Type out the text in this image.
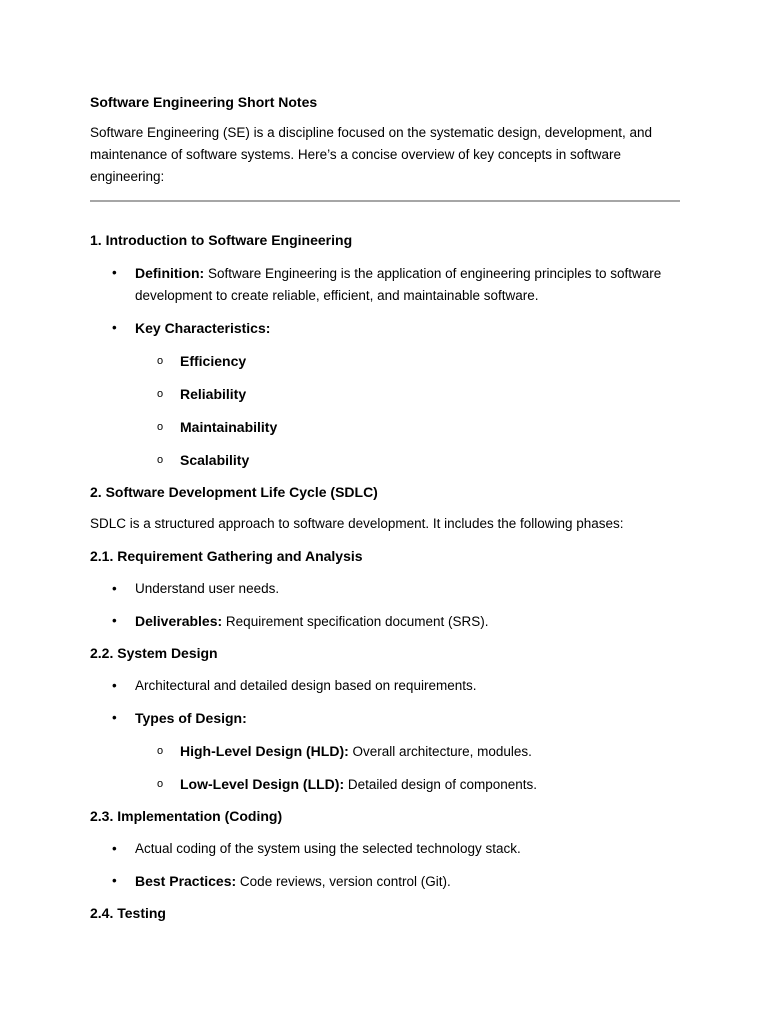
Software Engineering Short Notes

Software Engineering (SE) is a discipline focused on the systematic design, development, and maintenance of software systems. Here’s a concise overview of key concepts in software engineering:

1. Introduction to Software Engineering
• Definition: Software Engineering is the application of engineering principles to software development to create reliable, efficient, and maintainable software.
• Key Characteristics:
o Efficiency
o Reliability
o Maintainability
o Scalability
2. Software Development Life Cycle (SDLC)

SDLC is a structured approach to software development. It includes the following phases:

2.1. Requirement Gathering and Analysis
• Understand user needs.
• Deliverables: Requirement specification document (SRS).
2.2. System Design
• Architectural and detailed design based on requirements.
• Types of Design:
o High-Level Design (HLD): Overall architecture, modules.
o Low-Level Design (LLD): Detailed design of components.
2.3. Implementation (Coding)
• Actual coding of the system using the selected technology stack.
• Best Practices: Code reviews, version control (Git).
2.4. Testing
